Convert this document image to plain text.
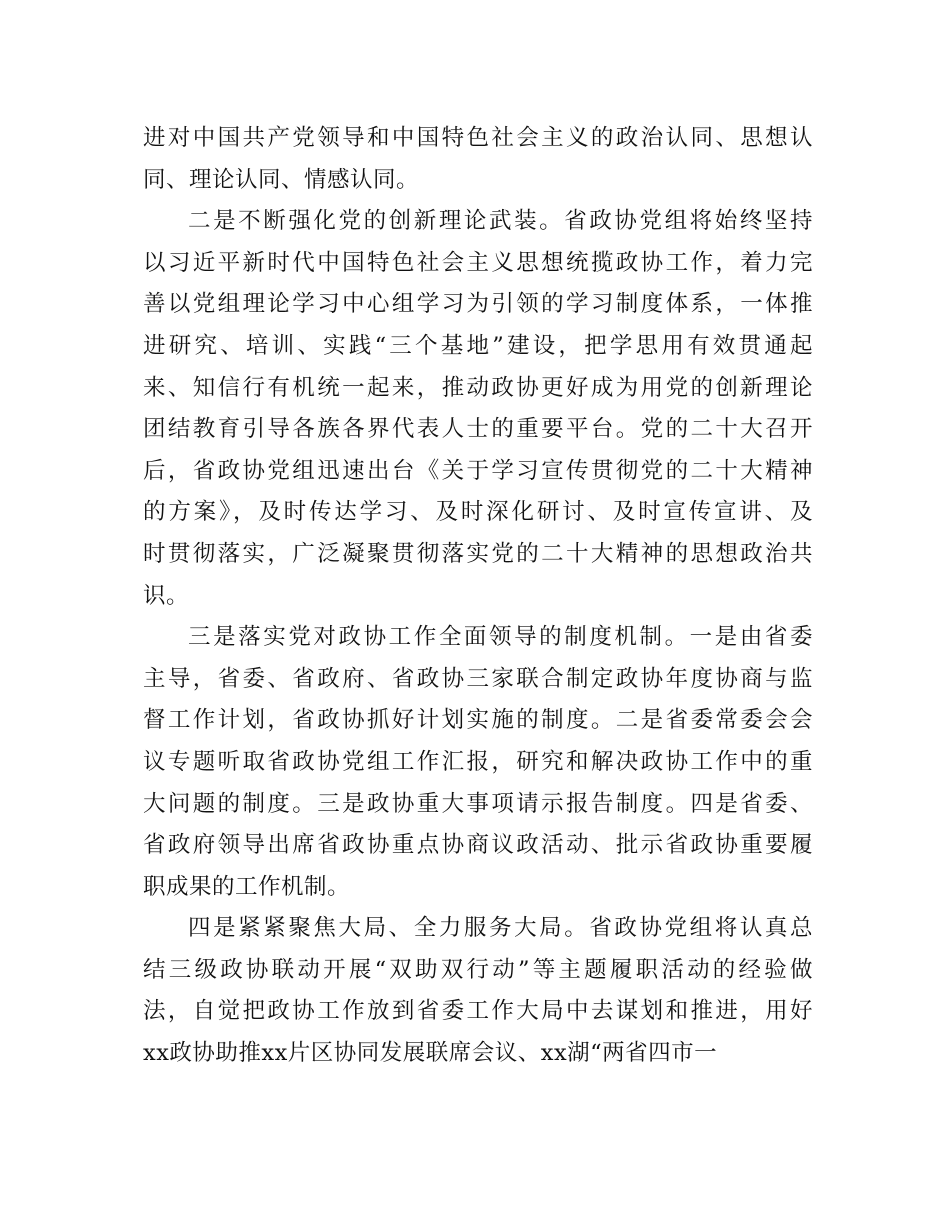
进对中国共产党领导和中国特色社会主义的政治认同、思想认
同、理论认同、情感认同。
二是不断强化党的创新理论武装。省政协党组将始终坚持
以习近平新时代中国特色社会主义思想统揽政协工作，着力完
善以党组理论学习中心组学习为引领的学习制度体系，一体推
进研究、培训、实践“三个基地”建设，把学思用有效贯通起
来、知信行有机统一起来，推动政协更好成为用党的创新理论
团结教育引导各族各界代表人士的重要平台。党的二十大召开
后，省政协党组迅速出台《关于学习宣传贯彻党的二十大精神
的方案》，及时传达学习、及时深化研讨、及时宣传宣讲、及
时贯彻落实，广泛凝聚贯彻落实党的二十大精神的思想政治共
识。
三是落实党对政协工作全面领导的制度机制。一是由省委
主导，省委、省政府、省政协三家联合制定政协年度协商与监
督工作计划，省政协抓好计划实施的制度。二是省委常委会会
议专题听取省政协党组工作汇报，研究和解决政协工作中的重
大问题的制度。三是政协重大事项请示报告制度。四是省委、
省政府领导出席省政协重点协商议政活动、批示省政协重要履
职成果的工作机制。
四是紧紧聚焦大局、全力服务大局。省政协党组将认真总
结三级政协联动开展“双助双行动”等主题履职活动的经验做
法，自觉把政协工作放到省委工作大局中去谋划和推进，用好
xx政协助推xx片区协同发展联席会议、xx湖“两省四市一
